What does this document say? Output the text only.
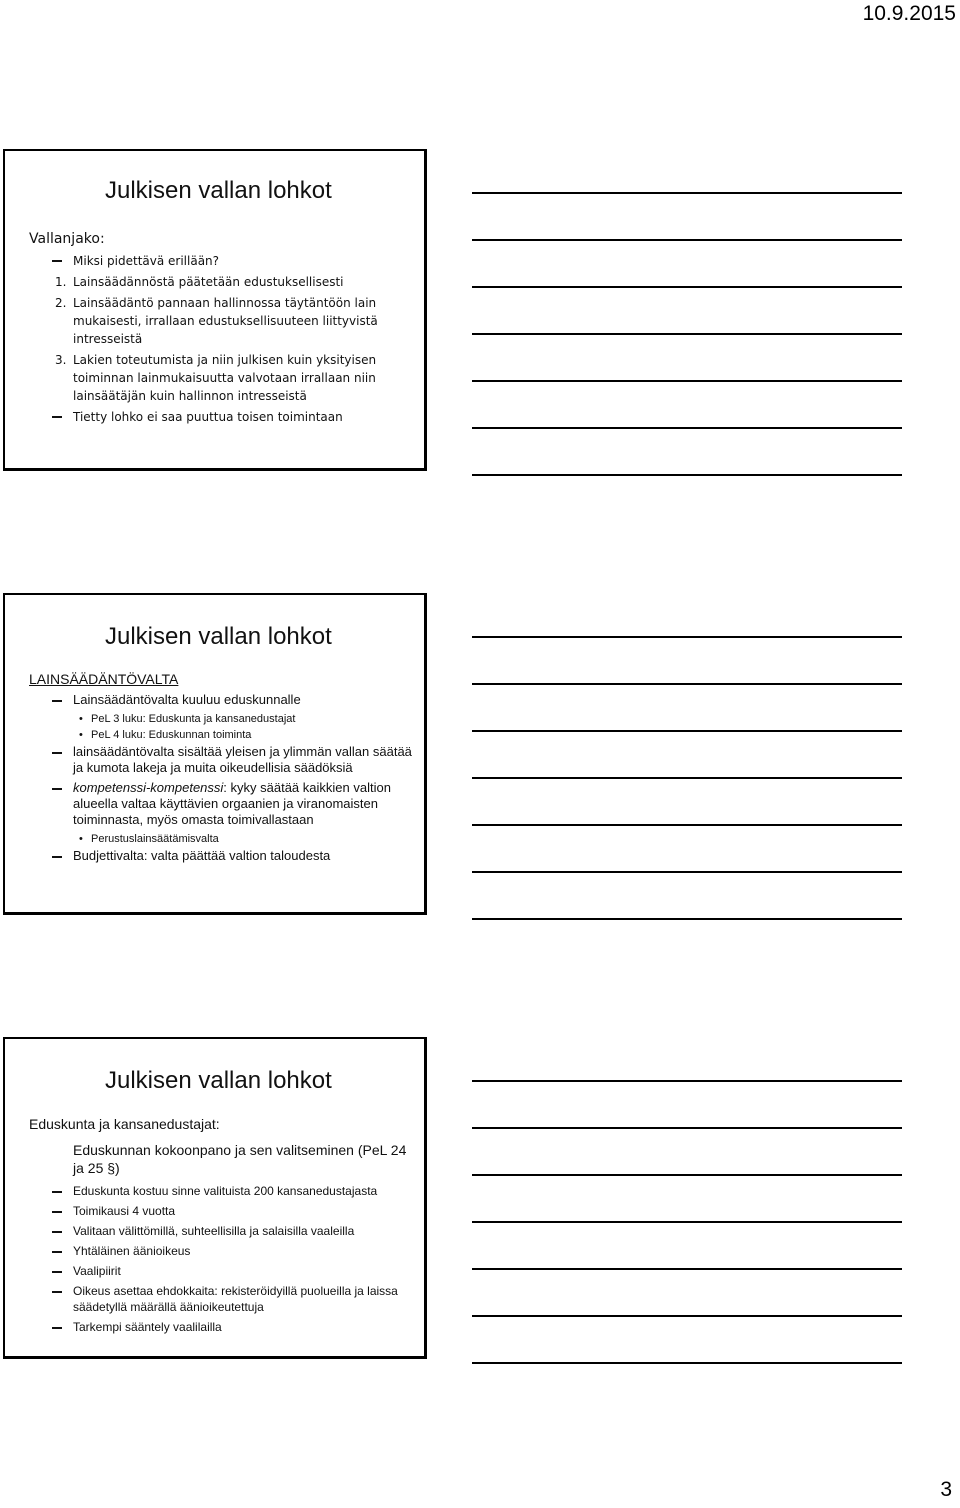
10.9.2015
Julkisen vallan lohkot
Vallanjako:
Miksi pidettävä erillään?
1. Lainsäädännöstä päätetään edustuksellisesti
2. Lainsäädäntö pannaan hallinnossa täytäntöön lain mukaisesti, irrallaan edustuksellisuuteen liittyvistä intresseistä
3. Lakien toteutumista ja niin julkisen kuin yksityisen toiminnan lainmukaisuutta valvotaan irrallaan niin lainsäätäjän kuin hallinnon intresseistä
Tietty lohko ei saa puuttua toisen toimintaan
Julkisen vallan lohkot
LAINSÄÄDÄNTÖVALTA
Lainsäädäntövalta kuuluu eduskunnalle
• PeL 3 luku: Eduskunta ja kansanedustajat
• PeL 4 luku: Eduskunnan toiminta
lainsäädäntövalta sisältää yleisen ja ylimmän vallan säätää ja kumota lakeja ja muita oikeudellisia säädöksiä
kompetenssi-kompetenssi: kyky säätää kaikkien valtion alueella valtaa käyttävien orgaanien ja viranomaisten toiminnasta, myös omasta toimivallastaan
• Perustuslainsäätämisvalta
Budjettivalta: valta päättää valtion taloudesta
Julkisen vallan lohkot
Eduskunta ja kansanedustajat:
Eduskunnan kokoonpano ja sen valitseminen (PeL 24 ja 25 §)
Eduskunta kostuu sinne valituista 200 kansanedustajasta
Toimikausi 4 vuotta
Valitaan välittömillä, suhteellisilla ja salaisilla vaaleilla
Yhtäläinen äänioikeus
Vaalipiirit
Oikeus asettaa ehdokkaita: rekisteröidyillä puolueilla ja laissa säädetyllä määrällä äänioikeutettuja
Tarkempi sääntely vaalilailla
3
